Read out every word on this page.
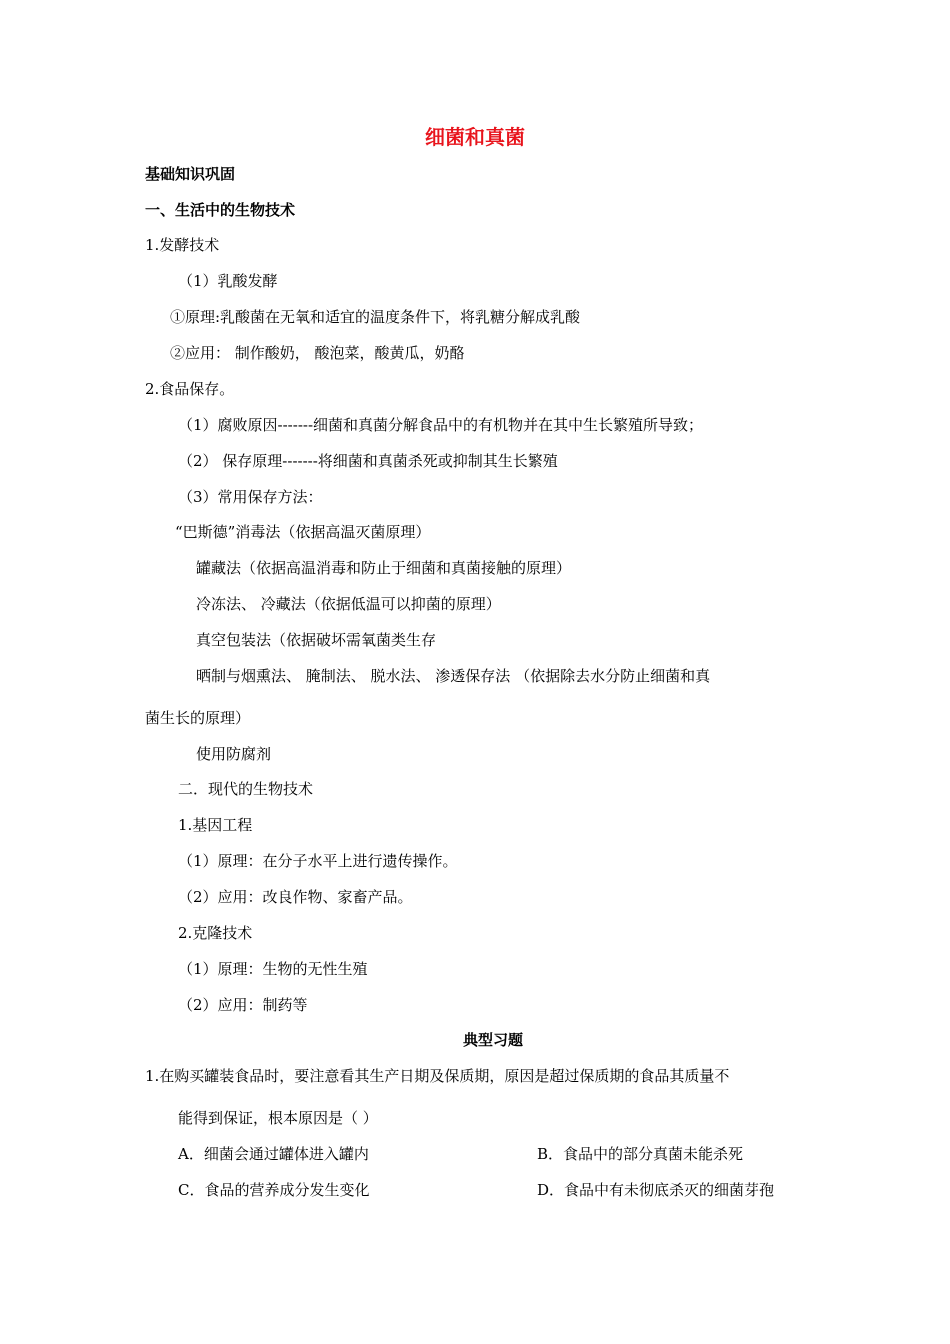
细菌和真菌
基础知识巩固
一、生活中的生物技术
1.发酵技术
（1）乳酸发酵
①原理:乳酸菌在无氧和适宜的温度条件下，将乳糖分解成乳酸
②应用： 制作酸奶， 酸泡菜，酸黄瓜，奶酪
2.食品保存。
（1）腐败原因-------细菌和真菌分解食品中的有机物并在其中生长繁殖所导致；
（2） 保存原理-------将细菌和真菌杀死或抑制其生长繁殖
（3）常用保存方法：
“巴斯德”消毒法（依据高温灭菌原理）
罐藏法（依据高温消毒和防止于细菌和真菌接触的原理）
冷冻法、 冷藏法（依据低温可以抑菌的原理）
真空包装法（依据破坏需氧菌类生存
晒制与烟熏法、 腌制法、 脱水法、 渗透保存法 （依据除去水分防止细菌和真
菌生长的原理）
使用防腐剂
二．现代的生物技术
1.基因工程
（1）原理：在分子水平上进行遗传操作。
（2）应用：改良作物、家畜产品。
2.克隆技术
（1）原理：生物的无性生殖
（2）应用：制药等
典型习题
1.在购买罐装食品时，要注意看其生产日期及保质期，原因是超过保质期的食品其质量不
能得到保证，根本原因是（ ）
A．细菌会通过罐体进入罐内	B．食品中的部分真菌未能杀死
C．食品的营养成分发生变化	D．食品中有未彻底杀灭的细菌芽孢
